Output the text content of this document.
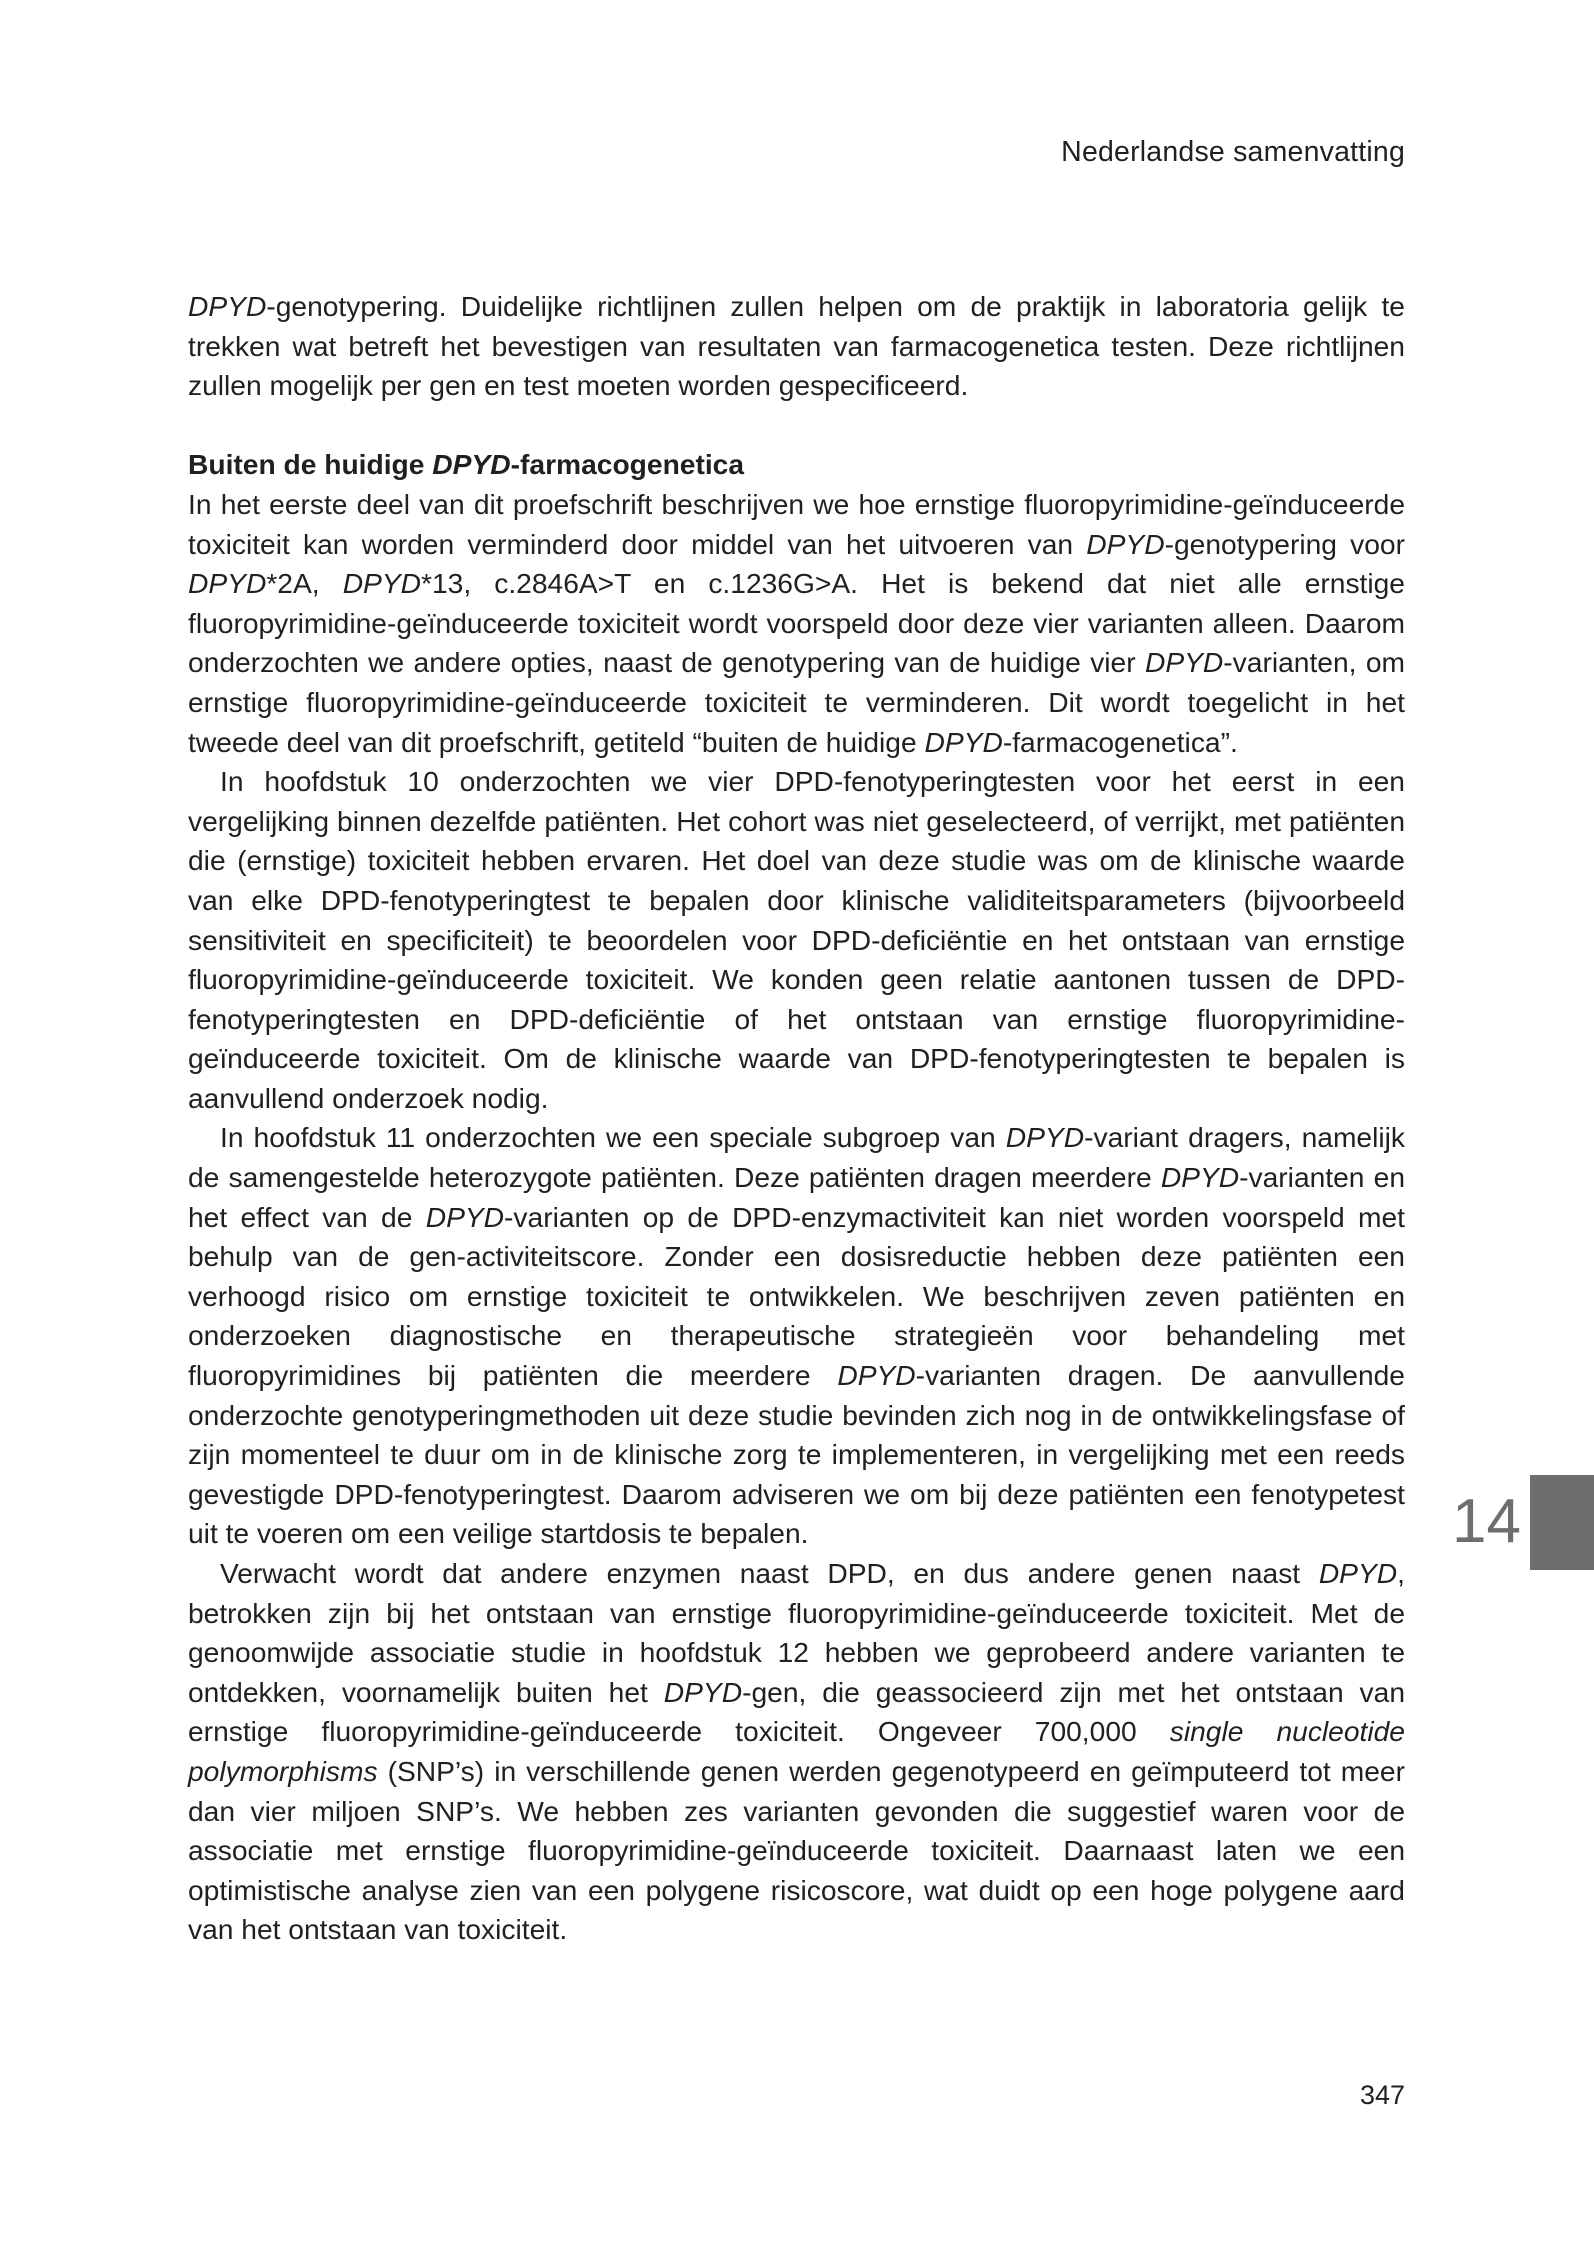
Nederlandse samenvatting

DPYD-genotypering. Duidelijke richtlijnen zullen helpen om de praktijk in laboratoria gelijk te trekken wat betreft het bevestigen van resultaten van farmacogenetica testen. Deze richtlijnen zullen mogelijk per gen en test moeten worden gespecificeerd.

Buiten de huidige DPYD-farmacogenetica

In het eerste deel van dit proefschrift beschrijven we hoe ernstige fluoropyrimidine-geïnduceerde toxiciteit kan worden verminderd door middel van het uitvoeren van DPYD-genotypering voor DPYD*2A, DPYD*13, c.2846A>T en c.1236G>A. Het is bekend dat niet alle ernstige fluoropyrimidine-geïnduceerde toxiciteit wordt voorspeld door deze vier varianten alleen. Daarom onderzochten we andere opties, naast de genotypering van de huidige vier DPYD-varianten, om ernstige fluoropyrimidine-geïnduceerde toxiciteit te verminderen. Dit wordt toegelicht in het tweede deel van dit proefschrift, getiteld “buiten de huidige DPYD-farmacogenetica”.

In hoofdstuk 10 onderzochten we vier DPD-fenotyperingtesten voor het eerst in een vergelijking binnen dezelfde patiënten. Het cohort was niet geselecteerd, of verrijkt, met patiënten die (ernstige) toxiciteit hebben ervaren. Het doel van deze studie was om de klinische waarde van elke DPD-fenotyperingtest te bepalen door klinische validiteitsparameters (bijvoorbeeld sensitiviteit en specificiteit) te beoordelen voor DPD-deficiëntie en het ontstaan van ernstige fluoropyrimidine-geïnduceerde toxiciteit. We konden geen relatie aantonen tussen de DPD-fenotyperingtesten en DPD-deficiëntie of het ontstaan van ernstige fluoropyrimidine-geïnduceerde toxiciteit. Om de klinische waarde van DPD-fenotyperingtesten te bepalen is aanvullend onderzoek nodig.

In hoofdstuk 11 onderzochten we een speciale subgroep van DPYD-variant dragers, namelijk de samengestelde heterozygote patiënten. Deze patiënten dragen meerdere DPYD-varianten en het effect van de DPYD-varianten op de DPD-enzymactiviteit kan niet worden voorspeld met behulp van de gen-activiteitscore. Zonder een dosisreductie hebben deze patiënten een verhoogd risico om ernstige toxiciteit te ontwikkelen. We beschrijven zeven patiënten en onderzoeken diagnostische en therapeutische strategieën voor behandeling met fluoropyrimidines bij patiënten die meerdere DPYD-varianten dragen. De aanvullende onderzochte genotyperingmethoden uit deze studie bevinden zich nog in de ontwikkelingsfase of zijn momenteel te duur om in de klinische zorg te implementeren, in vergelijking met een reeds gevestigde DPD-fenotyperingtest. Daarom adviseren we om bij deze patiënten een fenotypetest uit te voeren om een veilige startdosis te bepalen.

Verwacht wordt dat andere enzymen naast DPD, en dus andere genen naast DPYD, betrokken zijn bij het ontstaan van ernstige fluoropyrimidine-geïnduceerde toxiciteit. Met de genoomwijde associatie studie in hoofdstuk 12 hebben we geprobeerd andere varianten te ontdekken, voornamelijk buiten het DPYD-gen, die geassocieerd zijn met het ontstaan van ernstige fluoropyrimidine-geïnduceerde toxiciteit. Ongeveer 700,000 single nucleotide polymorphisms (SNP’s) in verschillende genen werden gegenotypeerd en geïmputeerd tot meer dan vier miljoen SNP’s. We hebben zes varianten gevonden die suggestief waren voor de associatie met ernstige fluoropyrimidine-geïnduceerde toxiciteit. Daarnaast laten we een optimistische analyse zien van een polygene risicoscore, wat duidt op een hoge polygene aard van het ontstaan van toxiciteit.

14
347
